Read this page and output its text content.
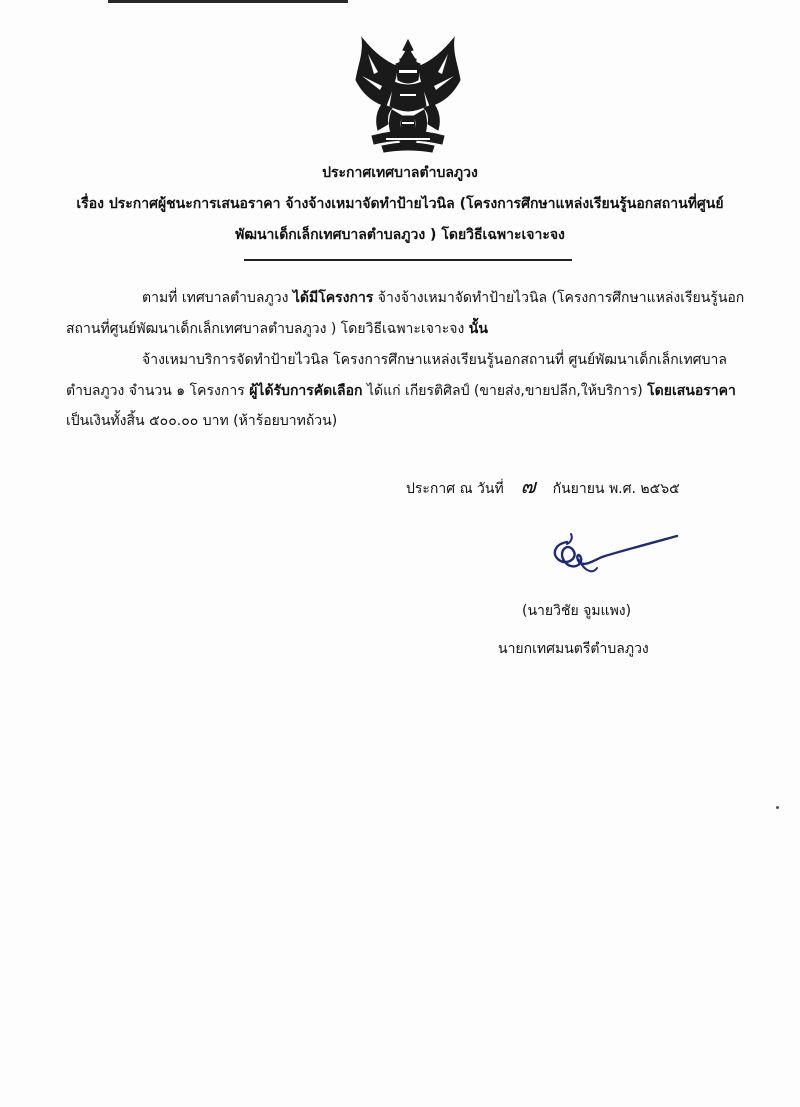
ประกาศเทศบาลตำบลภูวง
เรื่อง ประกาศผู้ชนะการเสนอราคา จ้างจ้างเหมาจัดทำป้ายไวนิล (โครงการศึกษาแหล่งเรียนรู้นอกสถานที่ศูนย์
พัฒนาเด็กเล็กเทศบาลตำบลภูวง ) โดยวิธีเฉพาะเจาะจง
ตามที่ เทศบาลตำบลภูวง ได้มีโครงการ จ้างจ้างเหมาจัดทำป้ายไวนิล (โครงการศึกษาแหล่งเรียนรู้นอก
สถานที่ศูนย์พัฒนาเด็กเล็กเทศบาลตำบลภูวง ) โดยวิธีเฉพาะเจาะจง นั้น
จ้างเหมาบริการจัดทำป้ายไวนิล โครงการศึกษาแหล่งเรียนรู้นอกสถานที่ ศูนย์พัฒนาเด็กเล็กเทศบาล
ตำบลภูวง จำนวน ๑ โครงการ ผู้ได้รับการคัดเลือก ได้แก่ เกียรติศิลป์ (ขายส่ง,ขายปลีก,ให้บริการ) โดยเสนอราคา
เป็นเงินทั้งสิ้น ๕๐๐.๐๐ บาท (ห้าร้อยบาทถ้วน)
ประกาศ ณ วันที่ ๗ กันยายน พ.ศ. ๒๕๖๕
(นายวิชัย จูมแพง)
นายกเทศมนตรีตำบลภูวง
